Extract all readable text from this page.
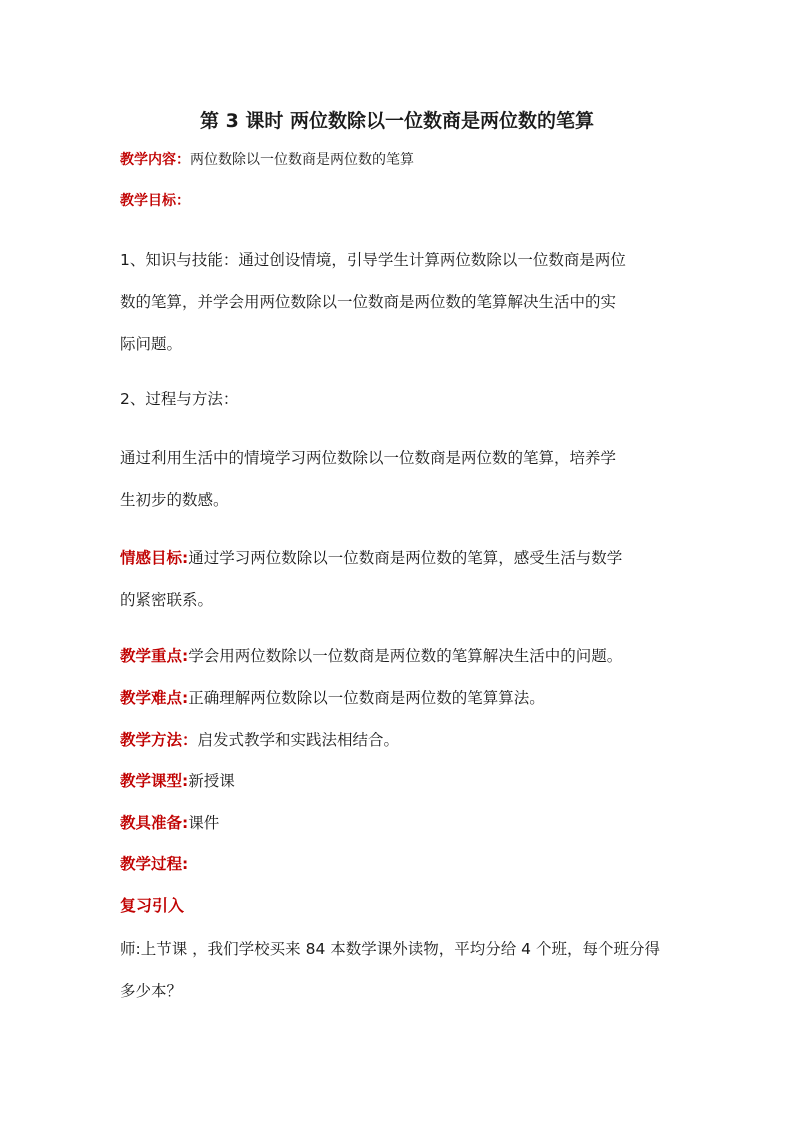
第 3 课时 两位数除以一位数商是两位数的笔算
教学内容：两位数除以一位数商是两位数的笔算
教学目标：
1、知识与技能：通过创设情境，引导学生计算两位数除以一位数商是两位
数的笔算，并学会用两位数除以一位数商是两位数的笔算解决生活中的实
际问题。
2、过程与方法：
通过利用生活中的情境学习两位数除以一位数商是两位数的笔算，培养学
生初步的数感。
情感目标:通过学习两位数除以一位数商是两位数的笔算，感受生活与数学
的紧密联系。
教学重点:学会用两位数除以一位数商是两位数的笔算解决生活中的问题。
教学难点:正确理解两位数除以一位数商是两位数的笔算算法。
教学方法：启发式教学和实践法相结合。
教学课型:新授课
教具准备:课件
教学过程:
复习引入
师:上节课 ，我们学校买来 84 本数学课外读物，平均分给 4 个班，每个班分得
多少本？
